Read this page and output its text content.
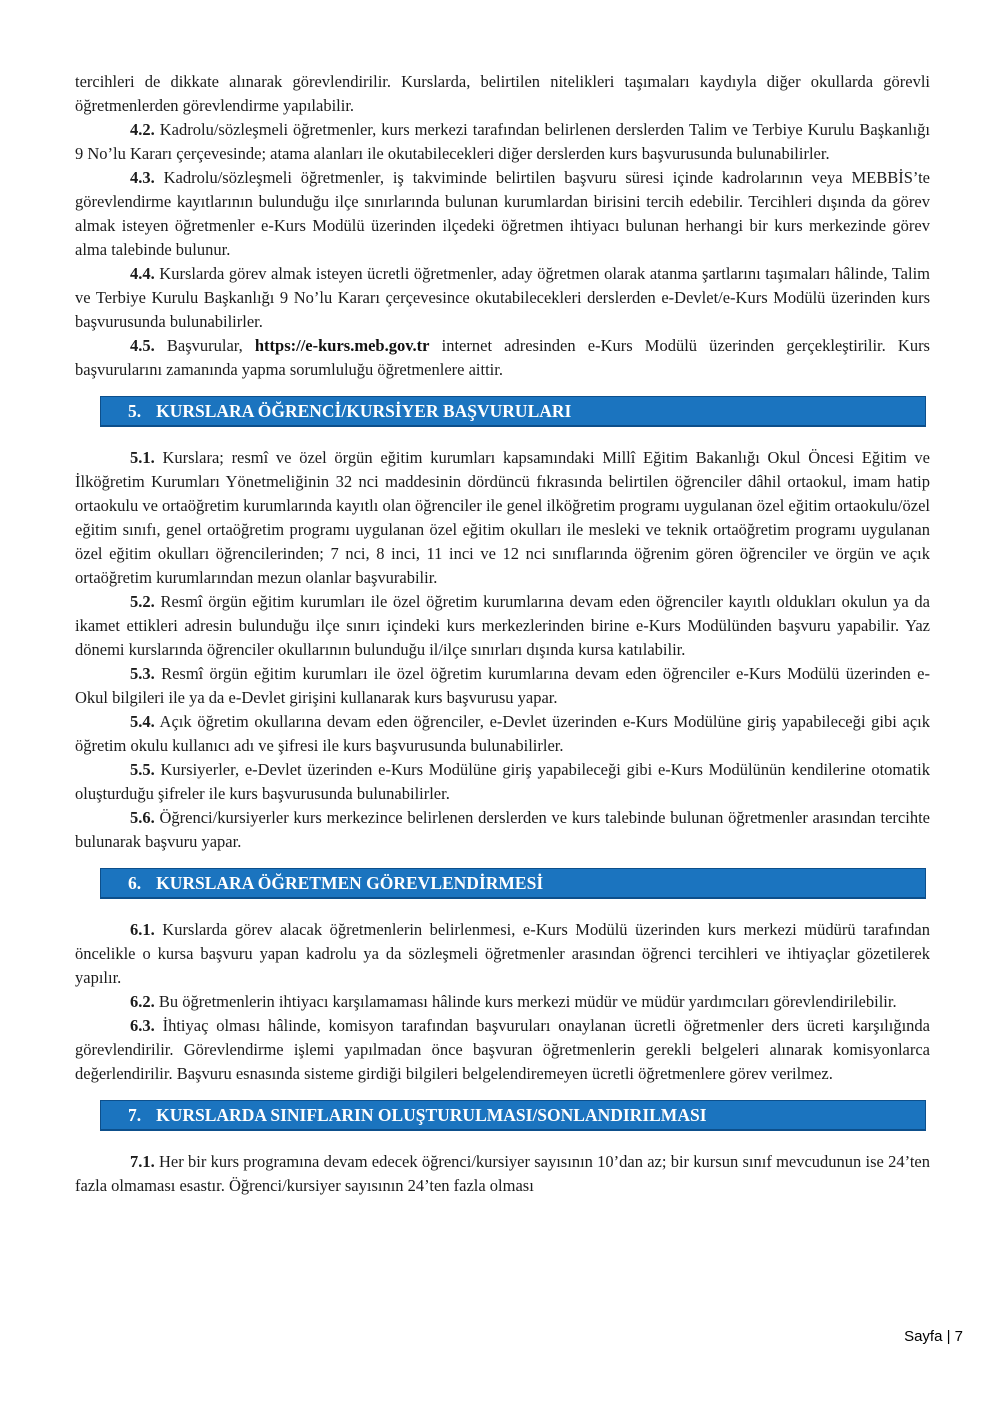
tercihleri de dikkate alınarak görevlendirilir. Kurslarda, belirtilen nitelikleri taşımaları kaydıyla diğer okullarda görevli öğretmenlerden görevlendirme yapılabilir.

4.2. Kadrolu/sözleşmeli öğretmenler, kurs merkezi tarafından belirlenen derslerden Talim ve Terbiye Kurulu Başkanlığı 9 No’lu Kararı çerçevesinde; atama alanları ile okutabilecekleri diğer derslerden kurs başvurusunda bulunabilirler.

4.3. Kadrolu/sözleşmeli öğretmenler, iş takviminde belirtilen başvuru süresi içinde kadrolarının veya MEBBİS’te görevlendirme kayıtlarının bulunduğu ilçe sınırlarında bulunan kurumlardan birisini tercih edebilir. Tercihleri dışında da görev almak isteyen öğretmenler e-Kurs Modülü üzerinden ilçedeki öğretmen ihtiyacı bulunan herhangi bir kurs merkezinde görev alma talebinde bulunur.

4.4. Kurslarda görev almak isteyen ücretli öğretmenler, aday öğretmen olarak atanma şartlarını taşımaları hâlinde, Talim ve Terbiye Kurulu Başkanlığı 9 No’lu Kararı çerçevesince okutabilecekleri derslerden e-Devlet/e-Kurs Modülü üzerinden kurs başvurusunda bulunabilirler.

4.5. Başvurular, https://e-kurs.meb.gov.tr internet adresinden e-Kurs Modülü üzerinden gerçekleştirilir. Kurs başvurularını zamanında yapma sorumluluğu öğretmenlere aittir.

5. KURSLARA ÖĞRENCİ/KURSİYER BAŞVURULARI

5.1. Kurslara; resmî ve özel örgün eğitim kurumları kapsamındaki Millî Eğitim Bakanlığı Okul Öncesi Eğitim ve İlköğretim Kurumları Yönetmeliğinin 32 nci maddesinin dördüncü fıkrasında belirtilen öğrenciler dâhil ortaokul, imam hatip ortaokulu ve ortaöğretim kurumlarında kayıtlı olan öğrenciler ile genel ilköğretim programı uygulanan özel eğitim ortaokulu/özel eğitim sınıfı, genel ortaöğretim programı uygulanan özel eğitim okulları ile mesleki ve teknik ortaöğretim programı uygulanan özel eğitim okulları öğrencilerinden; 7 nci, 8 inci, 11 inci ve 12 nci sınıflarında öğrenim gören öğrenciler ve örgün ve açık ortaöğretim kurumlarından mezun olanlar başvurabilir.

5.2. Resmî örgün eğitim kurumları ile özel öğretim kurumlarına devam eden öğrenciler kayıtlı oldukları okulun ya da ikamet ettikleri adresin bulunduğu ilçe sınırı içindeki kurs merkezlerinden birine e-Kurs Modülünden başvuru yapabilir. Yaz dönemi kurslarında öğrenciler okullarının bulunduğu il/ilçe sınırları dışında kursa katılabilir.

5.3. Resmî örgün eğitim kurumları ile özel öğretim kurumlarına devam eden öğrenciler e-Kurs Modülü üzerinden e-Okul bilgileri ile ya da e-Devlet girişini kullanarak kurs başvurusu yapar.

5.4. Açık öğretim okullarına devam eden öğrenciler, e-Devlet üzerinden e-Kurs Modülüne giriş yapabileceği gibi açık öğretim okulu kullanıcı adı ve şifresi ile kurs başvurusunda bulunabilirler.

5.5. Kursiyerler, e-Devlet üzerinden e-Kurs Modülüne giriş yapabileceği gibi e-Kurs Modülünün kendilerine otomatik oluşturduğu şifreler ile kurs başvurusunda bulunabilirler.

5.6. Öğrenci/kursiyerler kurs merkezince belirlenen derslerden ve kurs talebinde bulunan öğretmenler arasından tercihte bulunarak başvuru yapar.

6. KURSLARA ÖĞRETMEN GÖREVLENDİRMESİ

6.1. Kurslarda görev alacak öğretmenlerin belirlenmesi, e-Kurs Modülü üzerinden kurs merkezi müdürü tarafından öncelikle o kursa başvuru yapan kadrolu ya da sözleşmeli öğretmenler arasından öğrenci tercihleri ve ihtiyaçlar gözetilerek yapılır.

6.2. Bu öğretmenlerin ihtiyacı karşılamaması hâlinde kurs merkezi müdür ve müdür yardımcıları görevlendirilebilir.

6.3. İhtiyaç olması hâlinde, komisyon tarafından başvuruları onaylanan ücretli öğretmenler ders ücreti karşılığında görevlendirilir. Görevlendirme işlemi yapılmadan önce başvuran öğretmenlerin gerekli belgeleri alınarak komisyonlarca değerlendirilir. Başvuru esnasında sisteme girdiği bilgileri belgelendiremeyen ücretli öğretmenlere görev verilmez.

7. KURSLARDA SINIFLARIN OLUŞTURULMASI/SONLANDIRILMASI

7.1. Her bir kurs programına devam edecek öğrenci/kursiyer sayısının 10’dan az; bir kursun sınıf mevcudunun ise 24’ten fazla olmaması esastır. Öğrenci/kursiyer sayısının 24’ten fazla olması

Sayfa | 7
